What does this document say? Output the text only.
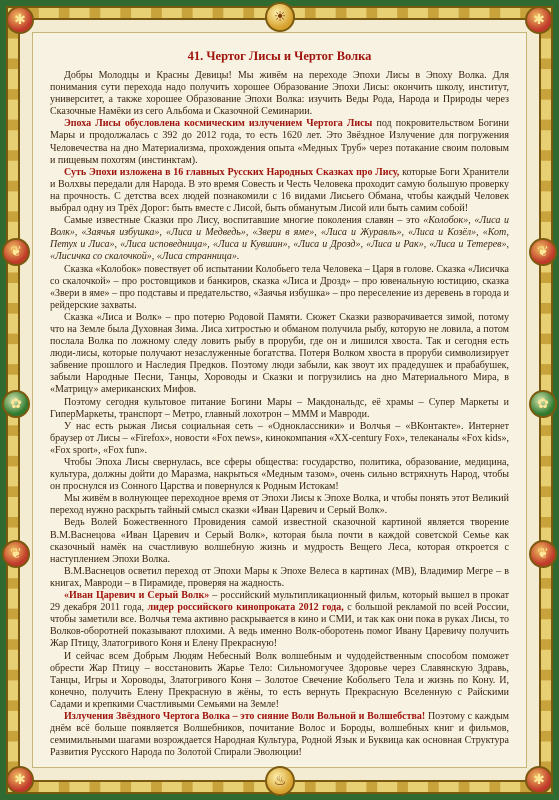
☀
✱	✱
❦	❦
✿	✿
❦	❦
✱	✱
♨
41. Чертог Лисы и Чертог Волка

Добры Молодцы и Красны Девицы! Мы живём на переходе Эпохи Лисы в Эпоху Волка. Для понимания сути перехода надо получить хорошее Образование Эпохи Лисы: окончить школу, институт, университет, а также хорошее Образование Эпохи Волка: изучить Веды Рода, Народа и Природы через Сказочные Намёки из сего Альбома и Сказочной Семинарии.

Эпоха Лисы обусловлена космическим излучением Чертога Лисы под покровительством Богини Мары и продолжалась с 392 до 2012 года, то есть 1620 лет. Это Звёздное Излучение для погружения Человечества на дно Материализма, прохождения опыта «Медных Труб» через потакание своим половым и пищевым похотям (инстинктам).

Суть Эпохи изложена в 16 главных Русских Народных Сказках про Лису, которые Боги Хранители и Волхвы передали для Народа. В это время Совесть и Честь Человека проходит самую большую проверку на прочность. С детства всех людей познакомили с 16 видами Лисьего Обмана, чтобы каждый Человек выбрал одну из Трёх Дорог: быть вместе с Лисой, быть обманутым Лисой или быть самим собой!

Самые известные Сказки про Лису, воспитавшие многие поколения славян – это «Колобок», «Лиса и Волк», «Заячья избушка», «Лиса и Медведь», «Звери в яме», «Лиса и Журавль», «Лиса и Козёл», «Кот, Петух и Лиса», «Лиса исповедница», «Лиса и Кувшин», «Лиса и Дрозд», «Лиса и Рак», «Лиса и Тетерев», «Лисичка со скалочкой», «Лиса странница».

Сказка «Колобок» повествует об испытании Колобьего тела Человека – Царя в голове. Сказка «Лисичка со скалочкой» – про ростовщиков и банкиров, сказка «Лиса и Дрозд» – про ювенальную юстицию, сказка «Звери в яме» – про подставы и предательство, «Заячья избушка» – про переселение из деревень в города и рейдерские захваты.

Сказка «Лиса и Волк» – про потерю Родовой Памяти. Сюжет Сказки разворачивается зимой, потому что на Земле была Духовная Зима. Лиса хитростью и обманом получила рыбу, которую не ловила, а потом послала Волка по ложному следу ловить рыбу в проруби, где он и лишился хвоста. Так и сегодня есть люди-лисы, которые получают незаслуженные богатства. Потеря Волком хвоста в проруби символизирует забвение прошлого и Наследия Предков. Поэтому люди забыли, как звоут их прадедушек и прабабушек, забыли Народные Песни, Танцы, Хороводы и Сказки и погрузились на дно Материального Мира, в «Матрицу» американских Мифов.

Поэтому сегодня культовое питание Богини Мары – Макдональдс, её храмы – Супер Маркеты и ГиперМаркеты, транспорт – Метро, главный лохотрон – МММ и Мавроди.

У нас есть рыжая Лисья социальная сеть – «Одноклассники» и Волчья – «ВКонтакте». Интернет браузер от Лисы – «Firefox», новости «Fox news», кинокомпания «XX-century Fox», телеканалы «Fox kids», «Fox sport», «Fox fun».

Чтобы Эпоха Лисы свернулась, все сферы общества: государство, политика, образование, медицина, культура, должны дойти до Маразма, накрыться «Медным тазом», очень сильно встряхнуть Народ, чтобы он проснулся из Сонного Царства и повернулся к Родным Истокам!

Мы живём в волнующее переходное время от Эпохи Лисы к Эпохе Волка, и чтобы понять этот Великий переход нужно раскрыть тайный смысл сказки «Иван Царевич и Серый Волк».

Ведь Волей Божественного Провидения самой известной сказочной картиной является творение В.М.Васнецова «Иван Царевич и Серый Волк», которая была почти в каждой советской Семье как сказочный намёк на счастливую волшебную жизнь и мудрость Вещего Леса, которая откроется с наступлением Эпохи Волка.

В.М.Васнецов осветил переход от Эпохи Мары к Эпохе Велеса в картинах (МВ), Владимир Мегре – в книгах, Мавроди – в Пирамиде, проверяя на жадность.

«Иван Царевич и Серый Волк» – российский мультипликационный фильм, который вышел в прокат 29 декабря 2011 года, лидер российского кинопроката 2012 года, с большой рекламой по всей России, чтобы заметили все. Волчья тема активно раскрывается в кино и СМИ, и так как они пока в руках Лисы, то Волков-оборотней показывают плохими. А ведь именно Волк-оборотень помог Ивану Царевичу получить Жар Птицу, Златогривого Коня и Елену Прекрасную!

И сейчас всем Добрым Людям Небесный Волк волшебным и чудодейственным способом поможет обрести Жар Птицу – восстановить Жарье Тело: Сильномогучее Здоровье через Славянскую Здравь, Танцы, Игры и Хороводы, Златогривого Коня – Золотое Свечение Кобольего Тела и жизнь по Кону. И, конечно, получить Елену Прекрасную в жёны, то есть вернуть Прекрасную Вселенную с Райскими Садами и крепкими Счастливыми Семьями на Земле!

Излучения Звёздного Чертога Волка – это сияние Воли Вольной и Волшебства! Поэтому с каждым днём всё больше появляется Волшебников, почитание Волос и Бороды, волшебных книг и фильмов, семимильными шагами возрождается Народная Культура, Родной Язык и Буквица как основная Структура Развития Русского Народа по Золотой Спирали Эволюции!
